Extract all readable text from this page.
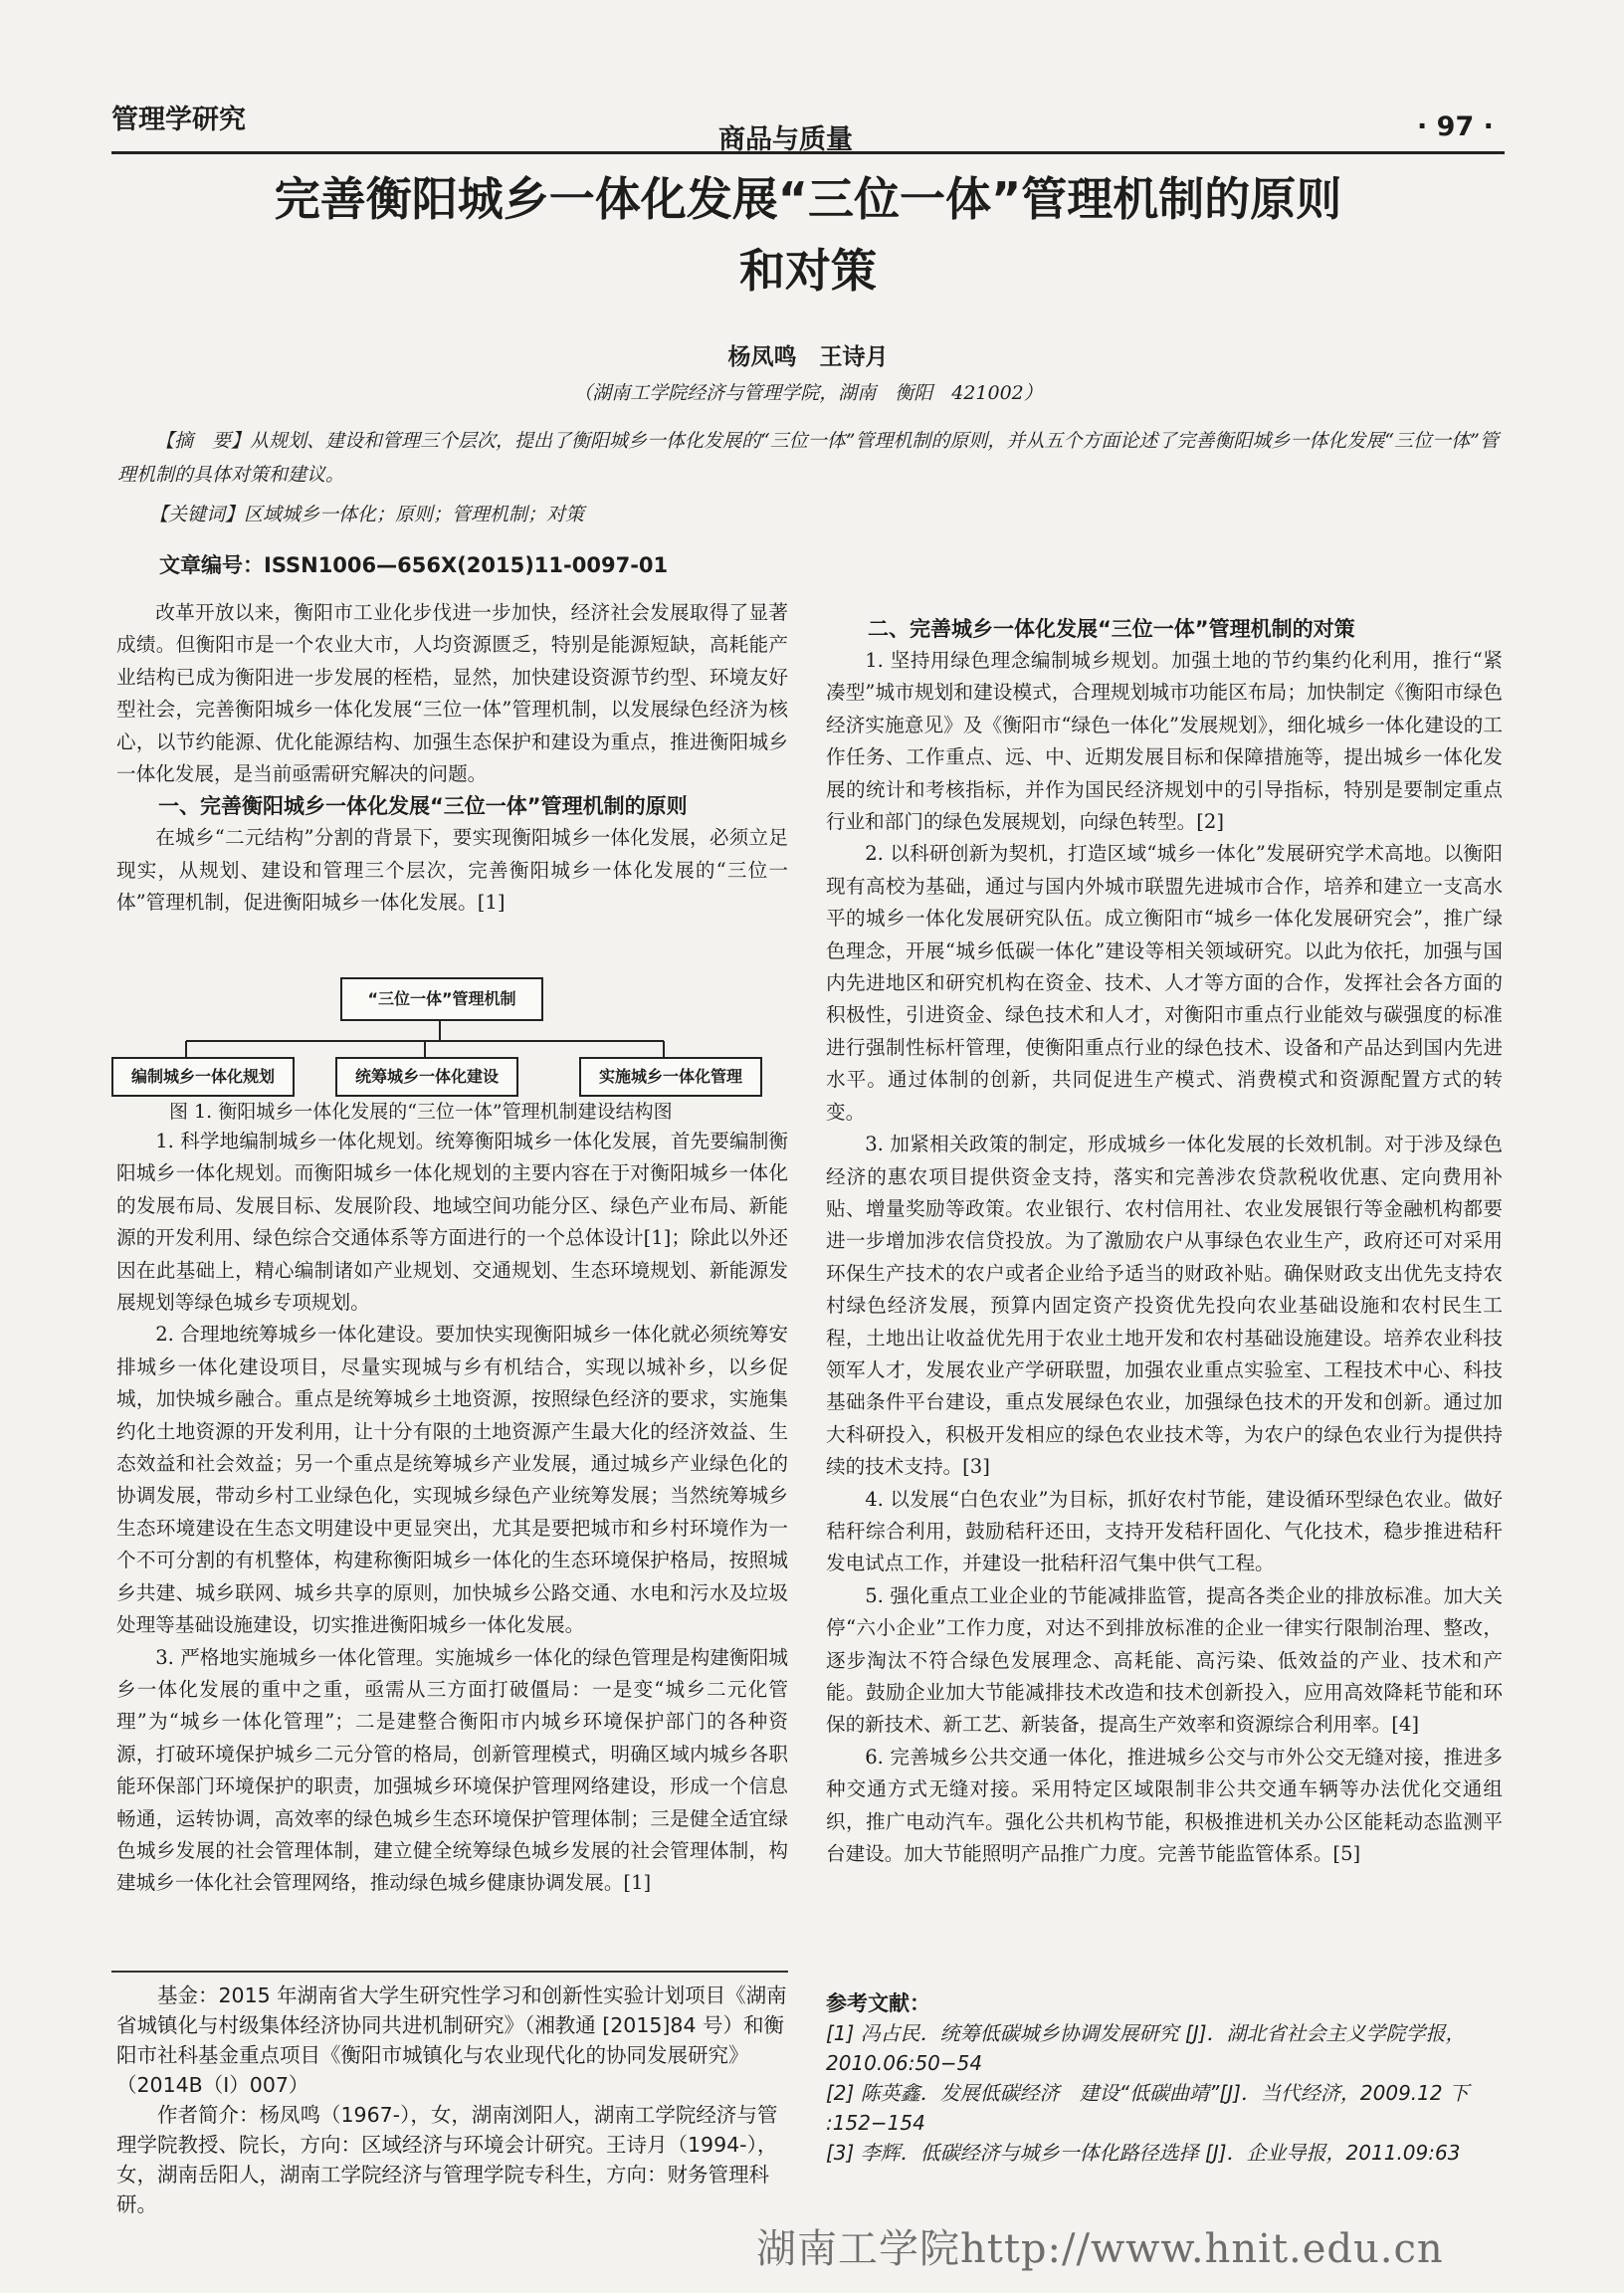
管理学研究
商品与质量	· 97 ·
完善衡阳城乡一体化发展“三位一体”管理机制的原则
和对策
杨凤鸣　王诗月
（湖南工学院经济与管理学院，湖南　衡阳　421002）

【摘　要】从规划、建设和管理三个层次，提出了衡阳城乡一体化发展的“三位一体”管理机制的原则，并从五个方面论述了完善衡阳城乡一体化发展“三位一体”管理机制的具体对策和建议。

【关键词】区域城乡一体化；原则；管理机制；对策
文章编号：ISSN1006—656X(2015)11-0097-01

改革开放以来，衡阳市工业化步伐进一步加快，经济社会发展取得了显著成绩。但衡阳市是一个农业大市，人均资源匮乏，特别是能源短缺，高耗能产业结构已成为衡阳进一步发展的桎梏，显然，加快建设资源节约型、环境友好型社会，完善衡阳城乡一体化发展“三位一体”管理机制，以发展绿色经济为核心，以节约能源、优化能源结构、加强生态保护和建设为重点，推进衡阳城乡一体化发展，是当前亟需研究解决的问题。

一、完善衡阳城乡一体化发展“三位一体”管理机制的原则

在城乡“二元结构”分割的背景下，要实现衡阳城乡一体化发展，必须立足现实，从规划、建设和管理三个层次，完善衡阳城乡一体化发展的“三位一体”管理机制，促进衡阳城乡一体化发展。[1]

“三位一体”管理机制
编制城乡一体化规划	统筹城乡一体化建设	实施城乡一体化管理
图 1. 衡阳城乡一体化发展的“三位一体”管理机制建设结构图

1. 科学地编制城乡一体化规划。统筹衡阳城乡一体化发展，首先要编制衡阳城乡一体化规划。而衡阳城乡一体化规划的主要内容在于对衡阳城乡一体化的发展布局、发展目标、发展阶段、地域空间功能分区、绿色产业布局、新能源的开发利用、绿色综合交通体系等方面进行的一个总体设计[1]；除此以外还因在此基础上，精心编制诸如产业规划、交通规划、生态环境规划、新能源发展规划等绿色城乡专项规划。

2. 合理地统筹城乡一体化建设。要加快实现衡阳城乡一体化就必须统筹安排城乡一体化建设项目，尽量实现城与乡有机结合，实现以城补乡，以乡促城，加快城乡融合。重点是统筹城乡土地资源，按照绿色经济的要求，实施集约化土地资源的开发利用，让十分有限的土地资源产生最大化的经济效益、生态效益和社会效益；另一个重点是统筹城乡产业发展，通过城乡产业绿色化的协调发展，带动乡村工业绿色化，实现城乡绿色产业统筹发展；当然统筹城乡生态环境建设在生态文明建设中更显突出，尤其是要把城市和乡村环境作为一个不可分割的有机整体，构建称衡阳城乡一体化的生态环境保护格局，按照城乡共建、城乡联网、城乡共享的原则，加快城乡公路交通、水电和污水及垃圾处理等基础设施建设，切实推进衡阳城乡一体化发展。

3. 严格地实施城乡一体化管理。实施城乡一体化的绿色管理是构建衡阳城乡一体化发展的重中之重，亟需从三方面打破僵局：一是变“城乡二元化管理”为“城乡一体化管理”；二是建整合衡阳市内城乡环境保护部门的各种资源，打破环境保护城乡二元分管的格局，创新管理模式，明确区域内城乡各职能环保部门环境保护的职责，加强城乡环境保护管理网络建设，形成一个信息畅通，运转协调，高效率的绿色城乡生态环境保护管理体制；三是健全适宜绿色城乡发展的社会管理体制，建立健全统筹绿色城乡发展的社会管理体制，构建城乡一体化社会管理网络，推动绿色城乡健康协调发展。[1]

二、完善城乡一体化发展“三位一体”管理机制的对策

1. 坚持用绿色理念编制城乡规划。加强土地的节约集约化利用，推行“紧凑型”城市规划和建设模式，合理规划城市功能区布局；加快制定《衡阳市绿色经济实施意见》及《衡阳市“绿色一体化”发展规划》，细化城乡一体化建设的工作任务、工作重点、远、中、近期发展目标和保障措施等，提出城乡一体化发展的统计和考核指标，并作为国民经济规划中的引导指标，特别是要制定重点行业和部门的绿色发展规划，向绿色转型。[2]

2. 以科研创新为契机，打造区域“城乡一体化”发展研究学术高地。以衡阳现有高校为基础，通过与国内外城市联盟先进城市合作，培养和建立一支高水平的城乡一体化发展研究队伍。成立衡阳市“城乡一体化发展研究会”，推广绿色理念，开展“城乡低碳一体化”建设等相关领域研究。以此为依托，加强与国内先进地区和研究机构在资金、技术、人才等方面的合作，发挥社会各方面的积极性，引进资金、绿色技术和人才，对衡阳市重点行业能效与碳强度的标准进行强制性标杆管理，使衡阳重点行业的绿色技术、设备和产品达到国内先进水平。通过体制的创新，共同促进生产模式、消费模式和资源配置方式的转变。

3. 加紧相关政策的制定，形成城乡一体化发展的长效机制。对于涉及绿色经济的惠农项目提供资金支持，落实和完善涉农贷款税收优惠、定向费用补贴、增量奖励等政策。农业银行、农村信用社、农业发展银行等金融机构都要进一步增加涉农信贷投放。为了激励农户从事绿色农业生产，政府还可对采用环保生产技术的农户或者企业给予适当的财政补贴。确保财政支出优先支持农村绿色经济发展，预算内固定资产投资优先投向农业基础设施和农村民生工程，土地出让收益优先用于农业土地开发和农村基础设施建设。培养农业科技领军人才，发展农业产学研联盟，加强农业重点实验室、工程技术中心、科技基础条件平台建设，重点发展绿色农业，加强绿色技术的开发和创新。通过加大科研投入，积极开发相应的绿色农业技术等，为农户的绿色农业行为提供持续的技术支持。[3]

4. 以发展“白色农业”为目标，抓好农村节能，建设循环型绿色农业。做好秸秆综合利用，鼓励秸秆还田，支持开发秸秆固化、气化技术，稳步推进秸秆发电试点工作，并建设一批秸秆沼气集中供气工程。

5. 强化重点工业企业的节能减排监管，提高各类企业的排放标准。加大关停“六小企业”工作力度，对达不到排放标准的企业一律实行限制治理、整改，逐步淘汰不符合绿色发展理念、高耗能、高污染、低效益的产业、技术和产能。鼓励企业加大节能减排技术改造和技术创新投入，应用高效降耗节能和环保的新技术、新工艺、新装备，提高生产效率和资源综合利用率。[4]

6. 完善城乡公共交通一体化，推进城乡公交与市外公交无缝对接，推进多种交通方式无缝对接。采用特定区域限制非公共交通车辆等办法优化交通组织，推广电动汽车。强化公共机构节能，积极推进机关办公区能耗动态监测平台建设。加大节能照明产品推广力度。完善节能监管体系。[5]

基金：2015 年湖南省大学生研究性学习和创新性实验计划项目《湖南省城镇化与村级集体经济协同共进机制研究》（湘教通 [2015]84 号）和衡阳市社科基金重点项目《衡阳市城镇化与农业现代化的协同发展研究》（2014B（Ⅰ）007）

作者简介：杨凤鸣（1967-），女，湖南浏阳人，湖南工学院经济与管理学院教授、院长，方向：区域经济与环境会计研究。王诗月（1994-），女，湖南岳阳人，湖南工学院经济与管理学院专科生，方向：财务管理科研。

参考文献：
[1] 冯占民．统筹低碳城乡协调发展研究 [J]．湖北省社会主义学院学报，2010.06:50−54
[2] 陈英鑫．发展低碳经济　建设“低碳曲靖”[J]．当代经济，2009.12 下 :152−154
[3] 李辉．低碳经济与城乡一体化路径选择 [J]．企业导报，2011.09:63
湖南工学院http://www.hnit.edu.cn
